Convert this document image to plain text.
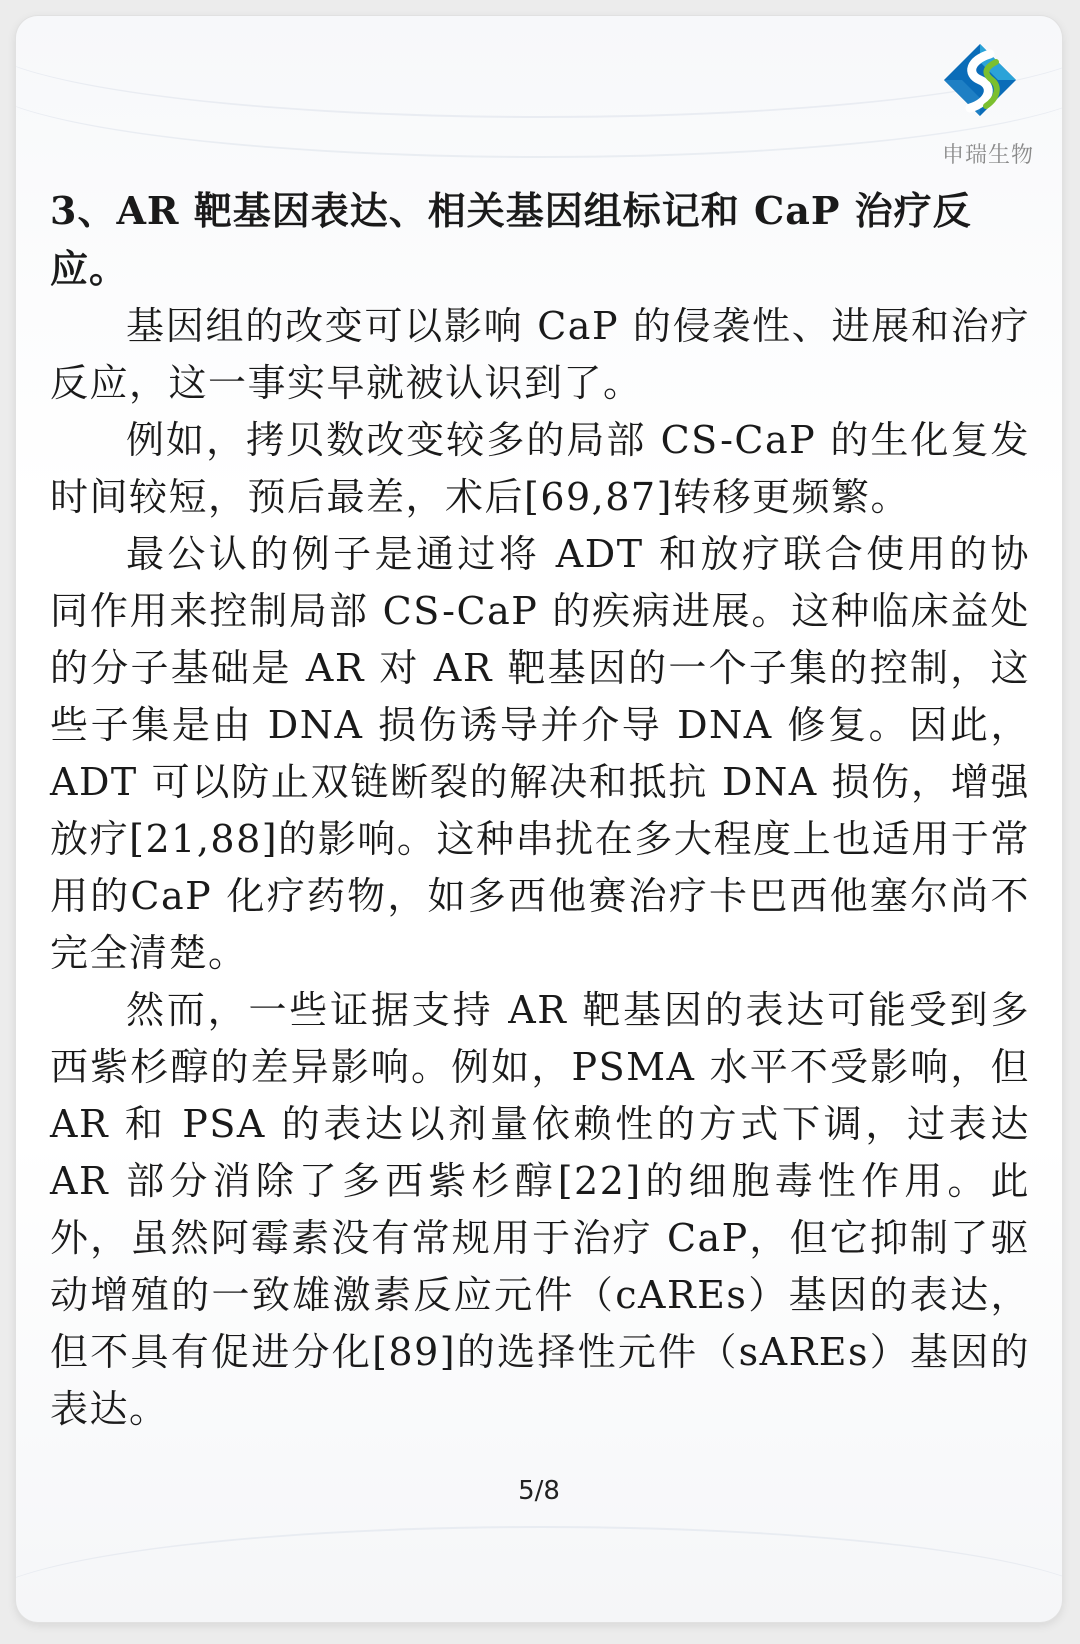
申瑞生物

3、AR 靶基因表达、相关基因组标记和 CaP 治疗反应。

基因组的改变可以影响 CaP 的侵袭性、进展和治疗反应，这一事实早就被认识到了。

例如，拷贝数改变较多的局部 CS-CaP 的生化复发时间较短，预后最差，术后[69,87]转移更频繁。

最公认的例子是通过将 ADT 和放疗联合使用的协同作用来控制局部 CS-CaP 的疾病进展。这种临床益处的分子基础是 AR 对 AR 靶基因的一个子集的控制，这些子集是由 DNA 损伤诱导并介导 DNA 修复。因此，ADT 可以防止双链断裂的解决和抵抗 DNA 损伤，增强放疗[21,88]的影响。这种串扰在多大程度上也适用于常用的CaP 化疗药物，如多西他赛治疗卡巴西他塞尔尚不完全清楚。

然而，一些证据支持 AR 靶基因的表达可能受到多西紫杉醇的差异影响。例如，PSMA 水平不受影响，但 AR 和 PSA 的表达以剂量依赖性的方式下调，过表达 AR 部分消除了多西紫杉醇[22]的细胞毒性作用。此外，虽然阿霉素没有常规用于治疗 CaP，但它抑制了驱动增殖的一致雄激素反应元件（cAREs）基因的表达，但不具有促进分化[89]的选择性元件（sAREs）基因的表达。

5/8
